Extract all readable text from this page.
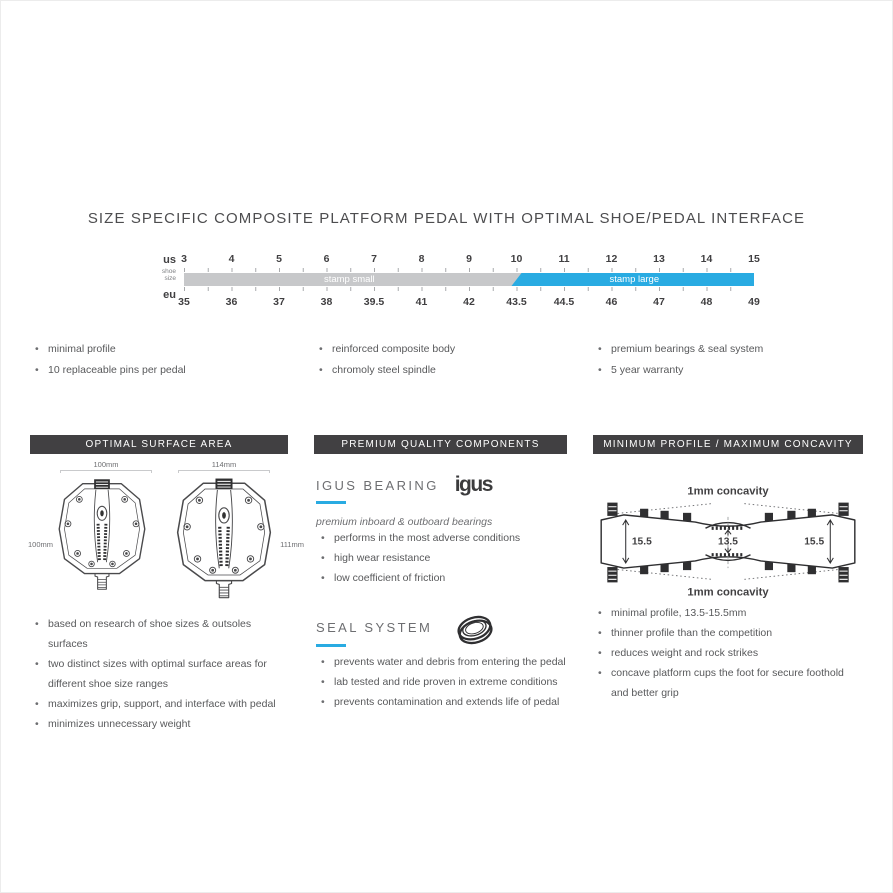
SIZE SPECIFIC COMPOSITE PLATFORM PEDAL WITH OPTIMAL SHOE/PEDAL INTERFACE
us
shoe
size
eu
3	4	5	6	7	8	9	10	11	12	13	14	15
stamp small	stamp large
35	36	37	38	39.5	41	42	43.5	44.5	46	47	48	49
• minimal profile
• 10 replaceable pins per pedal
• reinforced composite body
• chromoly steel spindle
• premium bearings & seal system
• 5 year warranty
OPTIMAL SURFACE AREA
100mm
100mm
114mm
111mm
• based on research of shoe sizes & outsoles surfaces
• two distinct sizes with optimal surface areas for different shoe size ranges
• maximizes grip, support, and interface with pedal
• minimizes unnecessary weight
PREMIUM QUALITY COMPONENTS
IGUS BEARING igus
premium inboard & outboard bearings
• performs in the most adverse conditions
• high wear resistance
• low coefficient of friction
SEAL SYSTEM
• prevents water and debris from entering the pedal
• lab tested and ride proven in extreme conditions
• prevents contamination and extends life of pedal
MINIMUM PROFILE / MAXIMUM CONCAVITY
1mm concavity
1mm concavity
15.5	13.5	15.5
• minimal profile, 13.5-15.5mm
• thinner profile than the competition
• reduces weight and rock strikes
• concave platform cups the foot for secure foothold and better grip
